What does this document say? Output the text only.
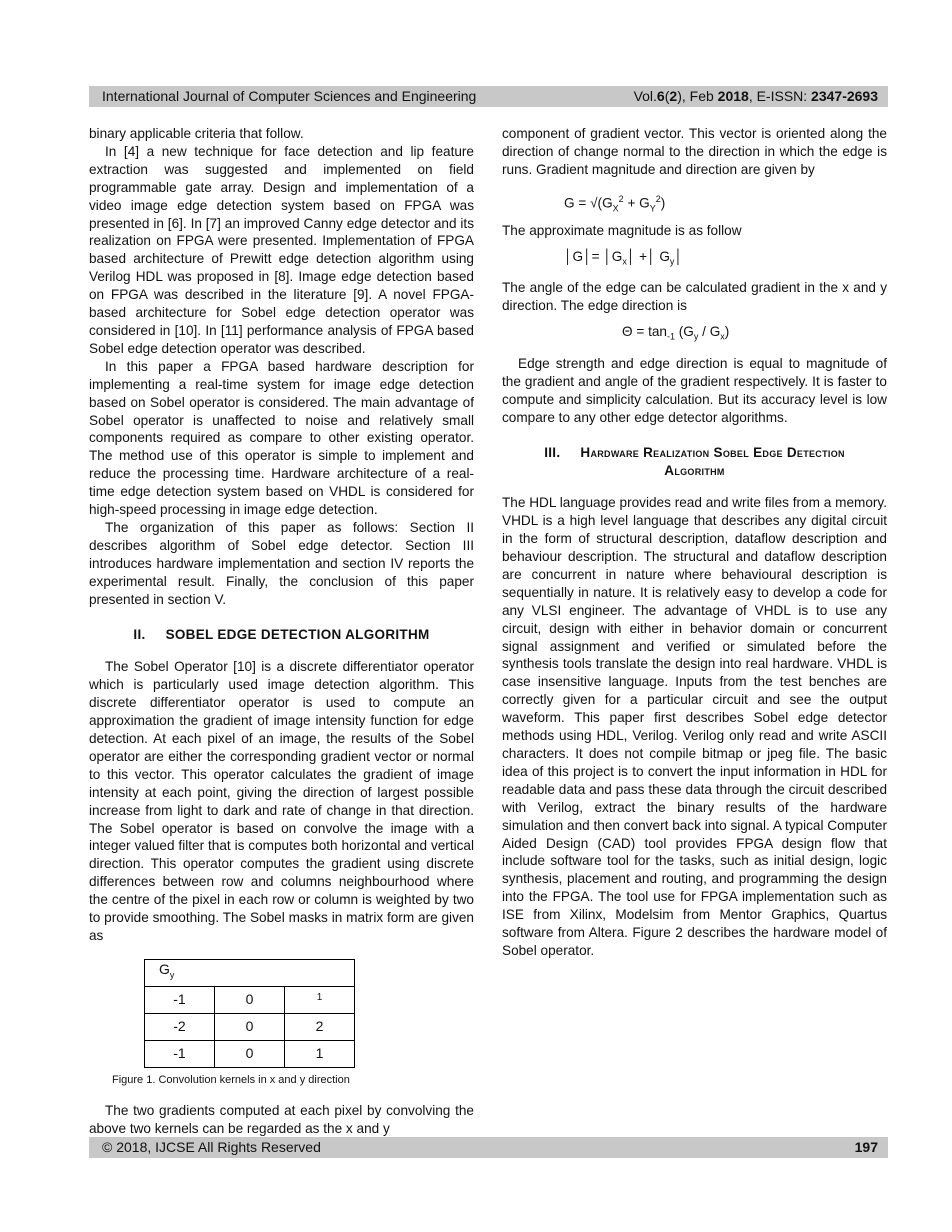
International Journal of Computer Sciences and Engineering	Vol.6(2), Feb 2018, E-ISSN: 2347-2693

binary applicable criteria that follow.

In [4] a new technique for face detection and lip feature extraction was suggested and implemented on field programmable gate array. Design and implementation of a video image edge detection system based on FPGA was presented in [6]. In [7] an improved Canny edge detector and its realization on FPGA were presented. Implementation of FPGA based architecture of Prewitt edge detection algorithm using Verilog HDL was proposed in [8]. Image edge detection based on FPGA was described in the literature [9]. A novel FPGA-based architecture for Sobel edge detection operator was considered in [10]. In [11] performance analysis of FPGA based Sobel edge detection operator was described.

In this paper a FPGA based hardware description for implementing a real-time system for image edge detection based on Sobel operator is considered. The main advantage of Sobel operator is unaffected to noise and relatively small components required as compare to other existing operator. The method use of this operator is simple to implement and reduce the processing time. Hardware architecture of a real-time edge detection system based on VHDL is considered for high-speed processing in image edge detection.

The organization of this paper as follows: Section II describes algorithm of Sobel edge detector. Section III introduces hardware implementation and section IV reports the experimental result. Finally, the conclusion of this paper presented in section V.

II. SOBEL EDGE DETECTION ALGORITHM

The Sobel Operator [10] is a discrete differentiator operator which is particularly used image detection algorithm. This discrete differentiator operator is used to compute an approximation the gradient of image intensity function for edge detection. At each pixel of an image, the results of the Sobel operator are either the corresponding gradient vector or normal to this vector. This operator calculates the gradient of image intensity at each point, giving the direction of largest possible increase from light to dark and rate of change in that direction. The Sobel operator is based on convolve the image with a integer valued filter that is computes both horizontal and vertical direction. This operator computes the gradient using discrete differences between row and columns neighbourhood where the centre of the pixel in each row or column is weighted by two to provide smoothing. The Sobel masks in matrix form are given as

$G_y$
-1	0	$^1$
-2	0	2
-1	0	1
Figure 1. Convolution kernels in x and y direction

The two gradients computed at each pixel by convolving the above two kernels can be regarded as the x and y

component of gradient vector. This vector is oriented along the direction of change normal to the direction in which the edge is runs. Gradient magnitude and direction are given by

$G = √(G_X^2 + G_Y^2)$

The approximate magnitude is as follow

│G│= $│G_x│$ +│ $G_y│$

The angle of the edge can be calculated gradient in the x and y direction. The edge direction is

$\Theta = \tan_{-1} (G_y / G_x)$

Edge strength and edge direction is equal to magnitude of the gradient and angle of the gradient respectively. It is faster to compute and simplicity calculation. But its accuracy level is low compare to any other edge detector algorithms.

III. Hardware Realization Sobel Edge Detection
Algorithm

The HDL language provides read and write files from a memory. VHDL is a high level language that describes any digital circuit in the form of structural description, dataflow description and behaviour description. The structural and dataflow description are concurrent in nature where behavioural description is sequentially in nature. It is relatively easy to develop a code for any VLSI engineer. The advantage of VHDL is to use any circuit, design with either in behavior domain or concurrent signal assignment and verified or simulated before the synthesis tools translate the design into real hardware. VHDL is case insensitive language. Inputs from the test benches are correctly given for a particular circuit and see the output waveform. This paper first describes Sobel edge detector methods using HDL, Verilog. Verilog only read and write ASCII characters. It does not compile bitmap or jpeg file. The basic idea of this project is to convert the input information in HDL for readable data and pass these data through the circuit described with Verilog, extract the binary results of the hardware simulation and then convert back into signal. A typical Computer Aided Design (CAD) tool provides FPGA design flow that include software tool for the tasks, such as initial design, logic synthesis, placement and routing, and programming the design into the FPGA. The tool use for FPGA implementation such as ISE from Xilinx, Modelsim from Mentor Graphics, Quartus software from Altera. Figure 2 describes the hardware model of Sobel operator.

© 2018, IJCSE All Rights Reserved	197
